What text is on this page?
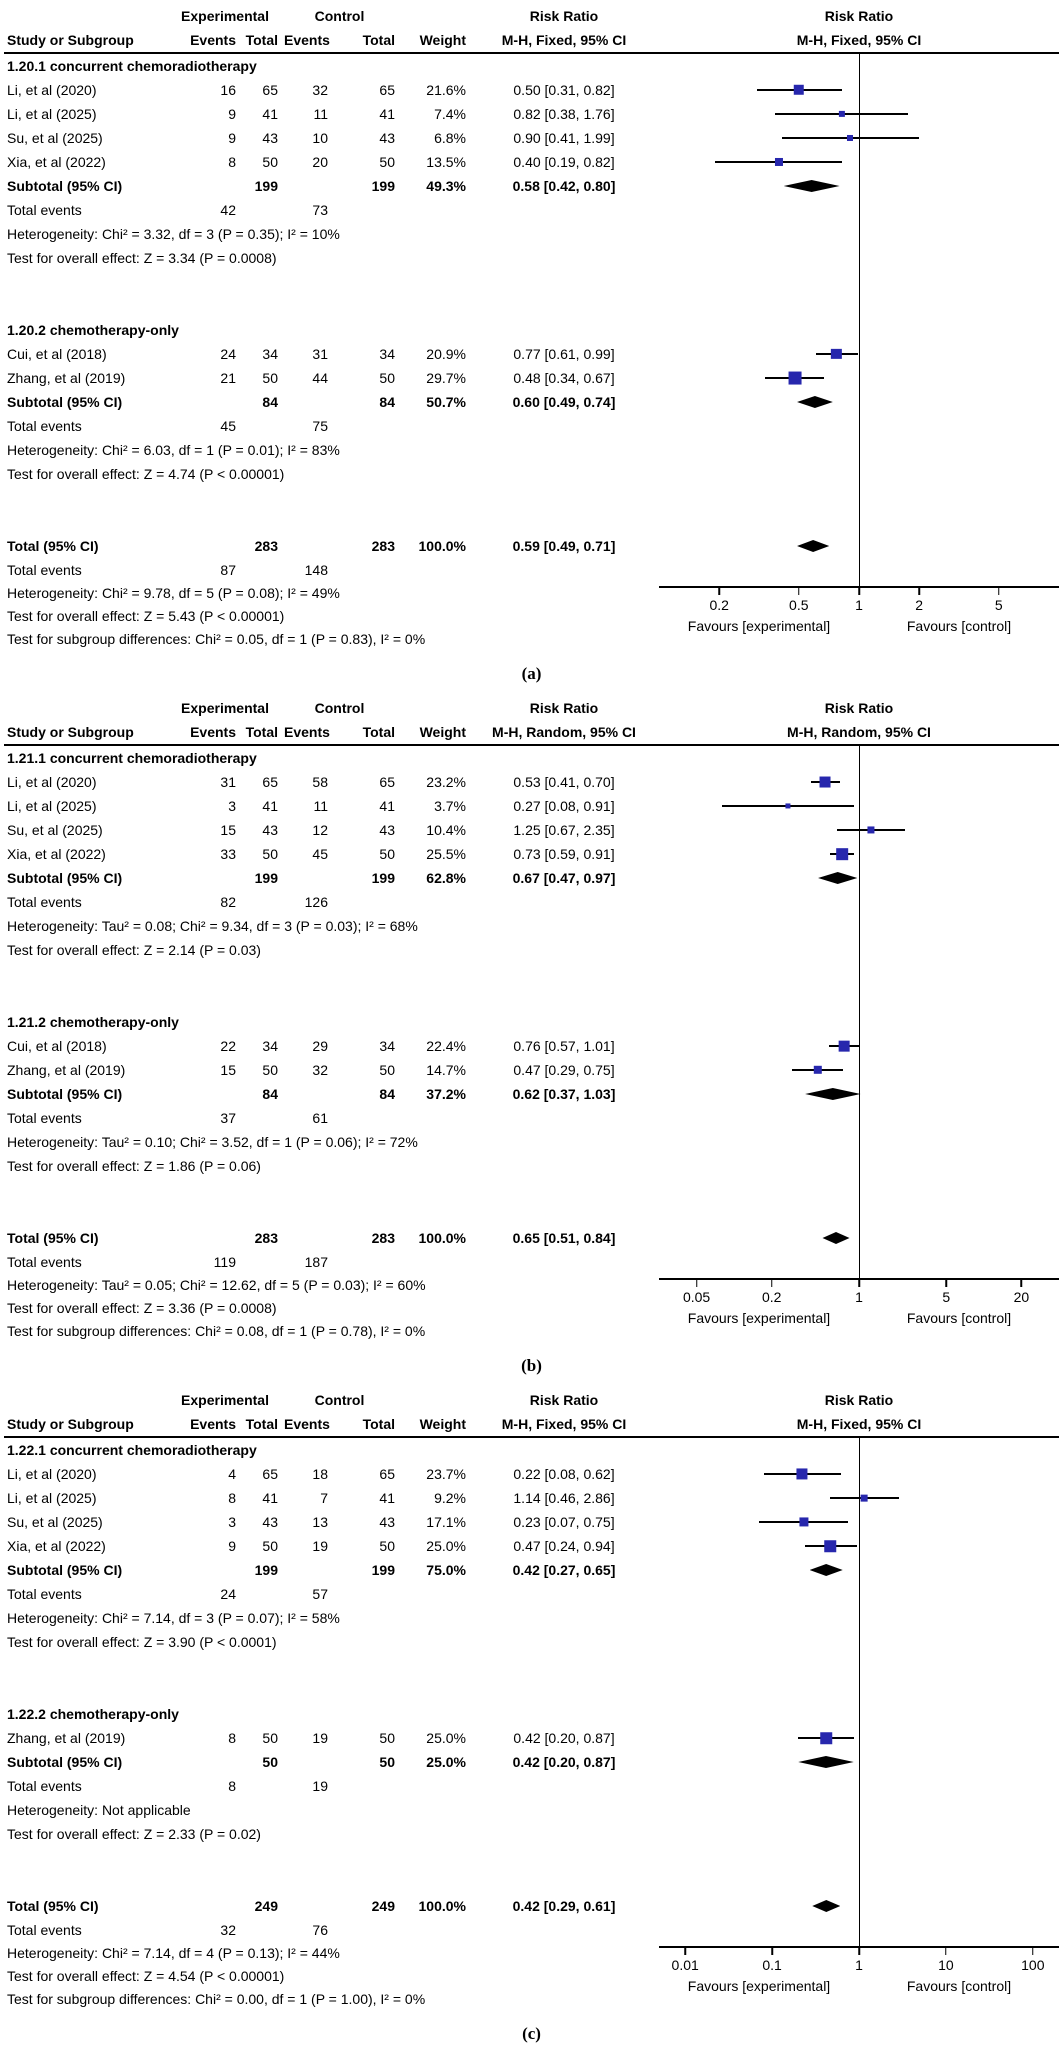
Experimental	Control	Risk Ratio	Risk Ratio
Study or Subgroup	Events Total Events	Total	Weight	M-H, Fixed, 95% CI	M-H, Fixed, 95% CI
1.20.1 concurrent chemoradiotherapy
Li, et al (2020)	16	65	32	65	21.6%	0.50 [0.31, 0.82]
Li, et al (2025)	9	41	11	41	7.4%	0.82 [0.38, 1.76]
Su, et al (2025)	9	43	10	43	6.8%	0.90 [0.41, 1.99]
Xia, et al (2022)	8	50	20	50	13.5%	0.40 [0.19, 0.82]
Subtotal (95% CI)	199	199	49.3%	0.58 [0.42, 0.80]
Total events	42	73
Heterogeneity: Chi² = 3.32, df = 3 (P = 0.35); I² = 10%
Test for overall effect: Z = 3.34 (P = 0.0008)
1.20.2 chemotherapy-only
Cui, et al (2018)	24	34	31	34	20.9%	0.77 [0.61, 0.99]
Zhang, et al (2019)	21	50	44	50	29.7%	0.48 [0.34, 0.67]
Subtotal (95% CI)	84	84	50.7%	0.60 [0.49, 0.74]
Total events	45	75
Heterogeneity: Chi² = 6.03, df = 1 (P = 0.01); I² = 83%
Test for overall effect: Z = 4.74 (P < 0.00001)
Total (95% CI)	283	283	100.0%	0.59 [0.49, 0.71]
Total events	87	148
Heterogeneity: Chi² = 9.78, df = 5 (P = 0.08); I² = 49%
Test for overall effect: Z = 5.43 (P < 0.00001)
Test for subgroup differences: Chi² = 0.05, df = 1 (P = 0.83), I² = 0%
Favours [experimental]	Favours [control]
0.2	0.5	1	2	5
(a)
Experimental	Control	Risk Ratio	Risk Ratio
Study or Subgroup	Events Total Events	Total	Weight	M-H, Random, 95% CI	M-H, Random, 95% CI
1.21.1 concurrent chemoradiotherapy
Li, et al (2020)	31	65	58	65	23.2%	0.53 [0.41, 0.70]
Li, et al (2025)	3	41	11	41	3.7%	0.27 [0.08, 0.91]
Su, et al (2025)	15	43	12	43	10.4%	1.25 [0.67, 2.35]
Xia, et al (2022)	33	50	45	50	25.5%	0.73 [0.59, 0.91]
Subtotal (95% CI)	199	199	62.8%	0.67 [0.47, 0.97]
Total events	82	126
Heterogeneity: Tau² = 0.08; Chi² = 9.34, df = 3 (P = 0.03); I² = 68%
Test for overall effect: Z = 2.14 (P = 0.03)
1.21.2 chemotherapy-only
Cui, et al (2018)	22	34	29	34	22.4%	0.76 [0.57, 1.01]
Zhang, et al (2019)	15	50	32	50	14.7%	0.47 [0.29, 0.75]
Subtotal (95% CI)	84	84	37.2%	0.62 [0.37, 1.03]
Total events	37	61
Heterogeneity: Tau² = 0.10; Chi² = 3.52, df = 1 (P = 0.06); I² = 72%
Test for overall effect: Z = 1.86 (P = 0.06)
Total (95% CI)	283	283	100.0%	0.65 [0.51, 0.84]
Total events	119	187
Heterogeneity: Tau² = 0.05; Chi² = 12.62, df = 5 (P = 0.03); I² = 60%
Test for overall effect: Z = 3.36 (P = 0.0008)
Test for subgroup differences: Chi² = 0.08, df = 1 (P = 0.78), I² = 0%
Favours [experimental]	Favours [control]
0.05	0.2	1	5	20
(b)
Experimental	Control	Risk Ratio	Risk Ratio
Study or Subgroup	Events Total Events	Total	Weight	M-H, Fixed, 95% CI	M-H, Fixed, 95% CI
1.22.1 concurrent chemoradiotherapy
Li, et al (2020)	4	65	18	65	23.7%	0.22 [0.08, 0.62]
Li, et al (2025)	8	41	7	41	9.2%	1.14 [0.46, 2.86]
Su, et al (2025)	3	43	13	43	17.1%	0.23 [0.07, 0.75]
Xia, et al (2022)	9	50	19	50	25.0%	0.47 [0.24, 0.94]
Subtotal (95% CI)	199	199	75.0%	0.42 [0.27, 0.65]
Total events	24	57
Heterogeneity: Chi² = 7.14, df = 3 (P = 0.07); I² = 58%
Test for overall effect: Z = 3.90 (P < 0.0001)
1.22.2 chemotherapy-only
Zhang, et al (2019)	8	50	19	50	25.0%	0.42 [0.20, 0.87]
Subtotal (95% CI)	50	50	25.0%	0.42 [0.20, 0.87]
Total events	8	19
Heterogeneity: Not applicable
Test for overall effect: Z = 2.33 (P = 0.02)
Total (95% CI)	249	249	100.0%	0.42 [0.29, 0.61]
Total events	32	76
Heterogeneity: Chi² = 7.14, df = 4 (P = 0.13); I² = 44%
Test for overall effect: Z = 4.54 (P < 0.00001)
Test for subgroup differences: Chi² = 0.00, df = 1 (P = 1.00), I² = 0%
Favours [experimental]	Favours [control]
0.01	0.1	1	10	100
(c)
